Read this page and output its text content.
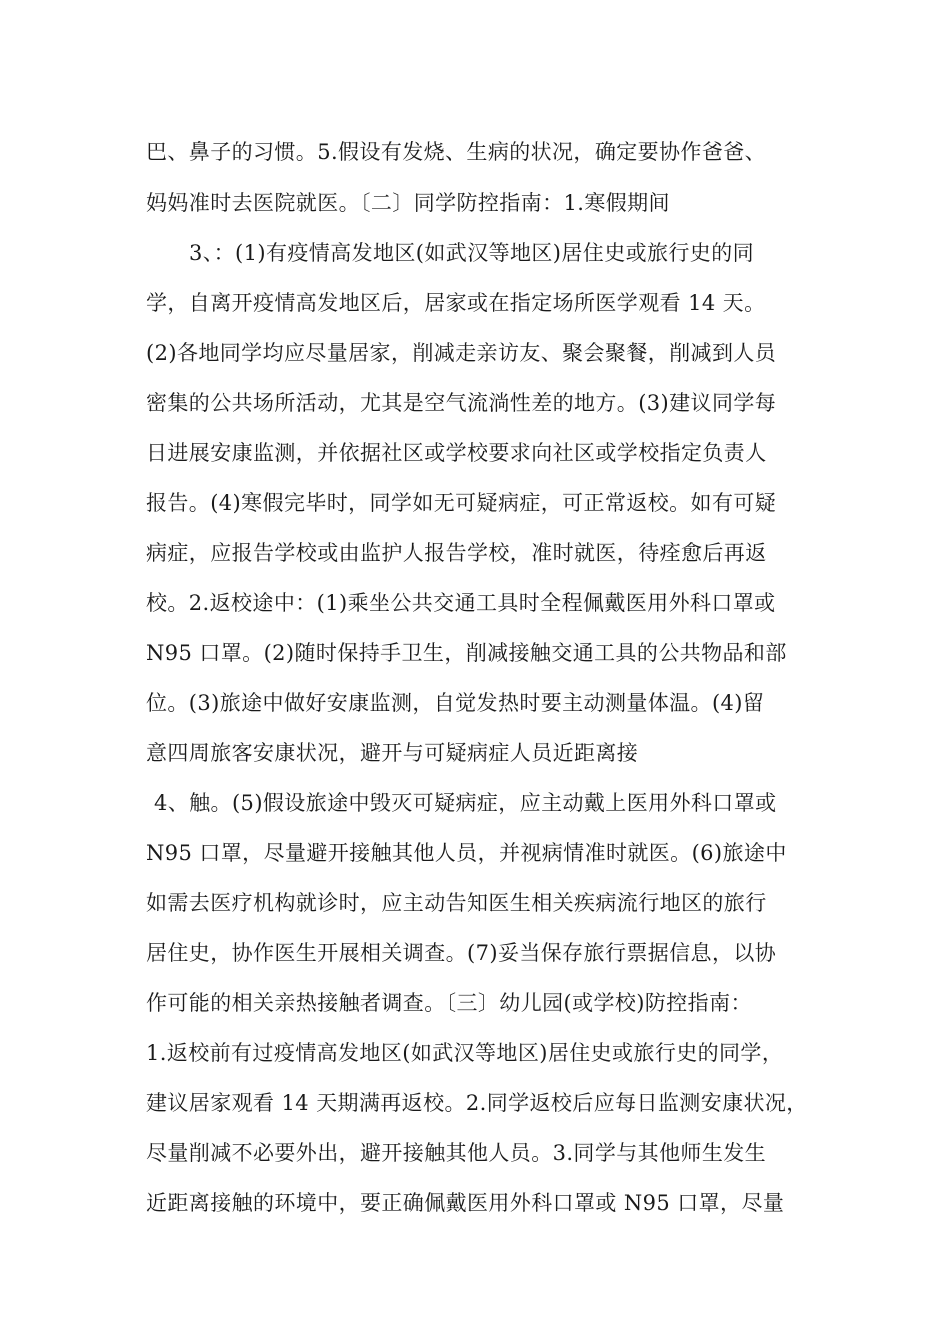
巴、鼻子的习惯。5.假设有发烧、生病的状况，确定要协作爸爸、
妈妈准时去医院就医。〔二〕同学防控指南：1.寒假期间
3、：(1)有疫情高发地区(如武汉等地区)居住史或旅行史的同
学，自离开疫情高发地区后，居家或在指定场所医学观看 14 天。
(2)各地同学均应尽量居家，削减走亲访友、聚会聚餐，削减到人员
密集的公共场所活动，尤其是空气流淌性差的地方。(3)建议同学每
日进展安康监测，并依据社区或学校要求向社区或学校指定负责人
报告。(4)寒假完毕时，同学如无可疑病症，可正常返校。如有可疑
病症，应报告学校或由监护人报告学校，准时就医，待痊愈后再返
校。2.返校途中：(1)乘坐公共交通工具时全程佩戴医用外科口罩或
N95 口罩。(2)随时保持手卫生，削减接触交通工具的公共物品和部
位。(3)旅途中做好安康监测，自觉发热时要主动测量体温。(4)留
意四周旅客安康状况，避开与可疑病症人员近距离接
4、触。(5)假设旅途中毁灭可疑病症，应主动戴上医用外科口罩或
N95 口罩，尽量避开接触其他人员，并视病情准时就医。(6)旅途中
如需去医疗机构就诊时，应主动告知医生相关疾病流行地区的旅行
居住史，协作医生开展相关调查。(7)妥当保存旅行票据信息，以协
作可能的相关亲热接触者调查。〔三〕幼儿园(或学校)防控指南：
1.返校前有过疫情高发地区(如武汉等地区)居住史或旅行史的同学，
建议居家观看 14 天期满再返校。2.同学返校后应每日监测安康状况，
尽量削减不必要外出，避开接触其他人员。3.同学与其他师生发生
近距离接触的环境中，要正确佩戴医用外科口罩或 N95 口罩，尽量
